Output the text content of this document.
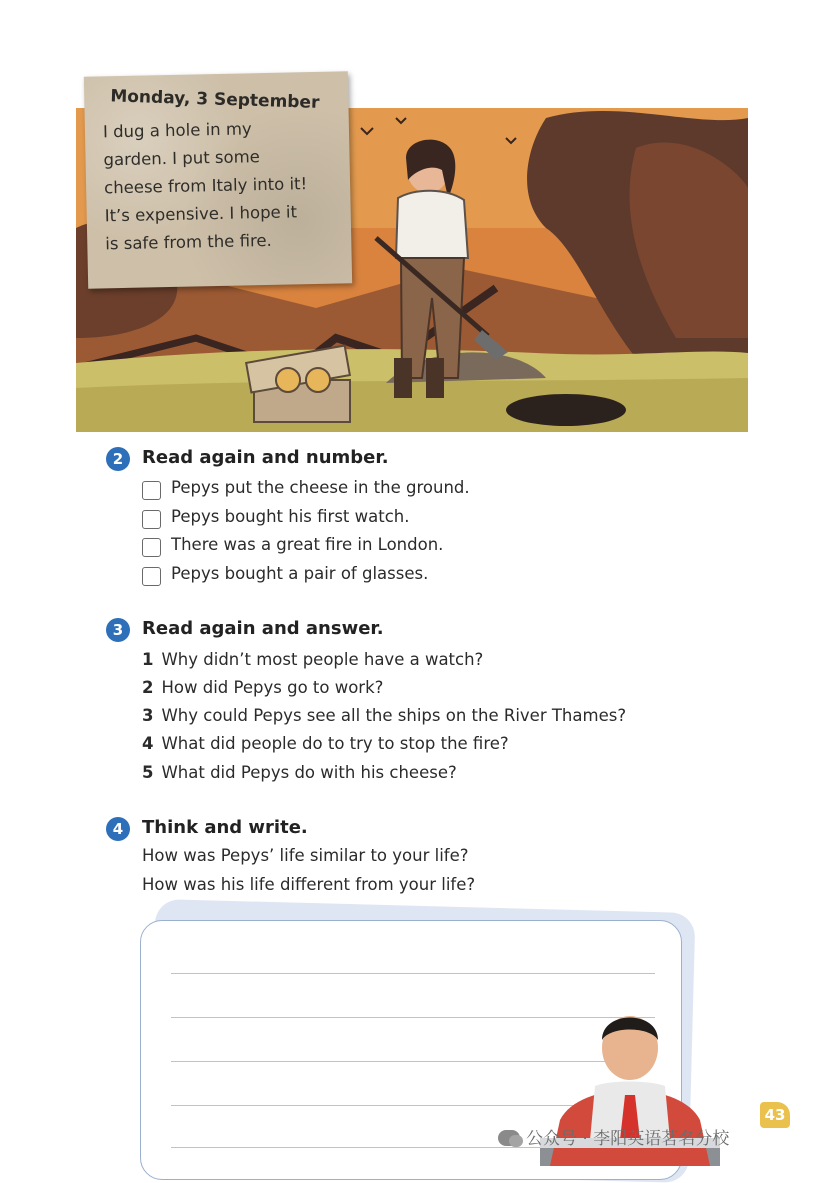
Monday, 3 September
I dug a hole in my
garden. I put some
cheese from Italy into it!
It’s expensive. I hope it
is safe from the fire.
2	Read again and number.
Pepys put the cheese in the ground.
Pepys bought his first watch.
There was a great fire in London.
Pepys bought a pair of glasses.
3	Read again and answer.
1 Why didn’t most people have a watch?
2 How did Pepys go to work?
3 Why could Pepys see all the ships on the River Thames?
4 What did people do to try to stop the fire?
5 What did Pepys do with his cheese?
4	Think and write.
How was Pepys’ life similar to your life?
How was his life different from your life?
43
公众号 · 李阳英语茗名分校
